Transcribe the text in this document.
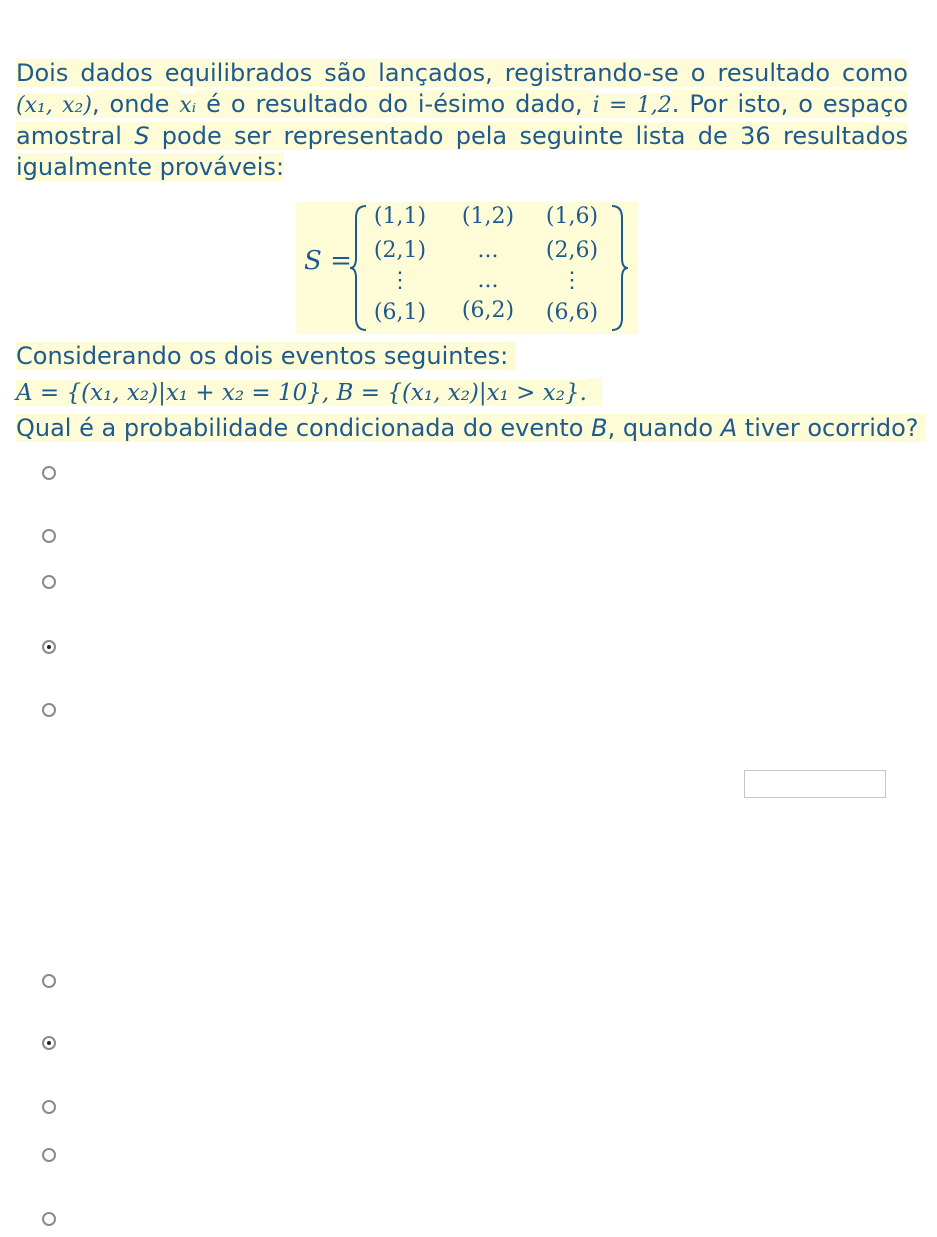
Dois dados equilibrados são lançados, registrando-se o resultado como (x₁, x₂), onde xᵢ é o resultado do i-ésimo dado, i = 1,2. Por isto, o espaço amostral S pode ser representado pela seguinte lista de 36 resultados igualmente prováveis:
S =
(1,1)	(1,2)	(1,6)
(2,1)	...	(2,6)
⋮	...	⋮
(6,1)	(6,2)	(6,6)
Considerando os dois eventos seguintes:
A = {(x₁, x₂)|x₁ + x₂ = 10}, B = {(x₁, x₂)|x₁ > x₂}.
Qual é a probabilidade condicionada do evento B, quando A tiver ocorrido?
